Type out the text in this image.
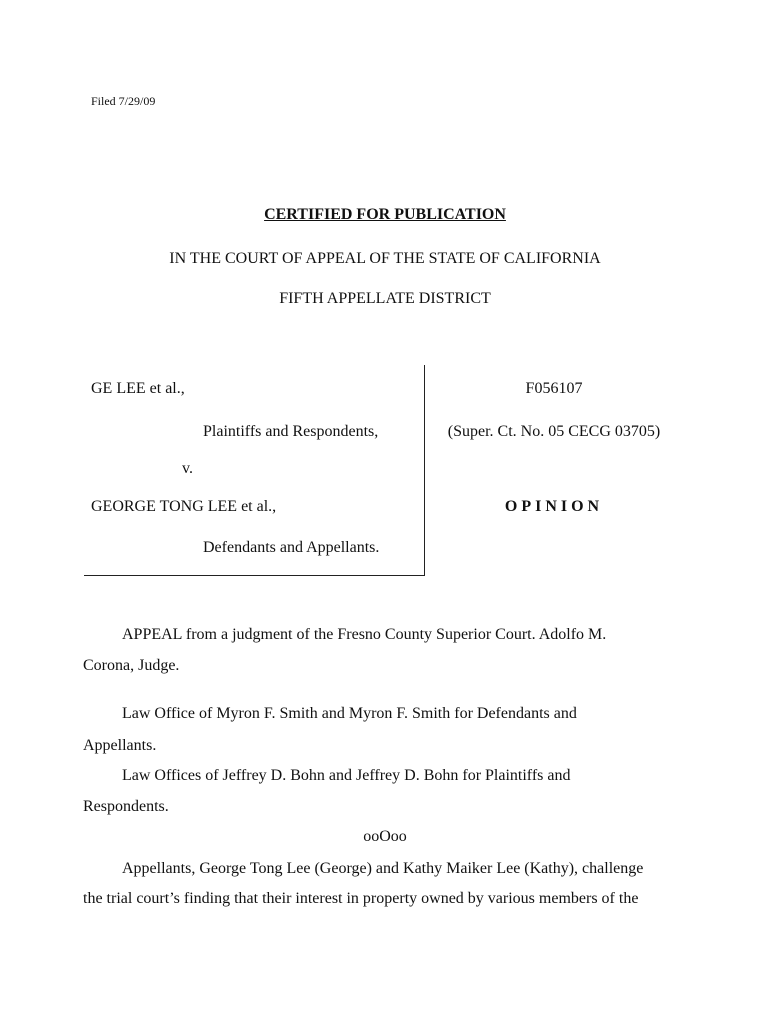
Filed 7/29/09
CERTIFIED FOR PUBLICATION
IN THE COURT OF APPEAL OF THE STATE OF CALIFORNIA
FIFTH APPELLATE DISTRICT
GE LEE et al.,
Plaintiffs and Respondents,
v.
GEORGE TONG LEE et al.,
Defendants and Appellants.
F056107
(Super. Ct. No. 05 CECG 03705)
OPINION
APPEAL from a judgment of the Fresno County Superior Court. Adolfo M.
Corona, Judge.
Law Office of Myron F. Smith and Myron F. Smith for Defendants and
Appellants.
Law Offices of Jeffrey D. Bohn and Jeffrey D. Bohn for Plaintiffs and
Respondents.
ooOoo
Appellants, George Tong Lee (George) and Kathy Maiker Lee (Kathy), challenge
the trial court’s finding that their interest in property owned by various members of the
